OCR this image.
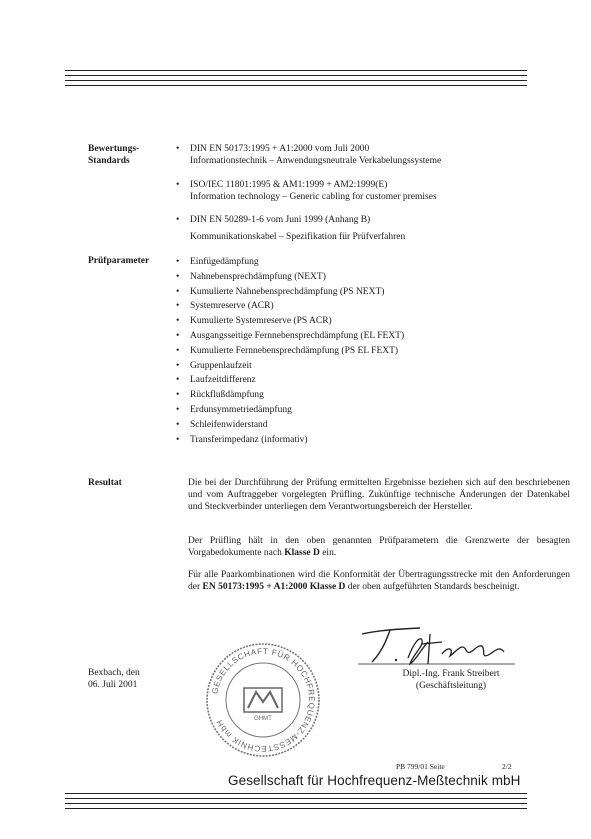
Bewertungs-
Standards
• DIN EN 50173:1995 + A1:2000 vom Juli 2000
Informationstechnik – Anwendungsneutrale Verkabelungssysteme
• ISO/IEC 11801:1995 & AM1:1999 + AM2:1999(E)
Information technology – Generic cabling for customer premises
• DIN EN 50289-1-6 vom Juni 1999 (Anhang B)
Kommunikationskabel – Spezifikation für Prüfverfahren
Prüfparameter	• Einfügedämpfung
• Nahnebensprechdämpfung (NEXT)
• Kumulierte Nahnebensprechdämpfung (PS NEXT)
• Systemreserve (ACR)
• Kumulierte Systemreserve (PS ACR)
• Ausgangsseitige Fernnebensprechdämpfung (EL FEXT)
• Kumulierte Fernnebensprechdämpfung (PS EL FEXT)
• Gruppenlaufzeit
• Laufzeitdifferenz
• Rückflußdämpfung
• Erdunsymmetriedämpfung
• Schleifenwiderstand
• Transferimpedanz (informativ)
Resultat	Die bei der Durchführung der Prüfung ermittelten Ergebnisse beziehen sich auf den beschriebenen und vom Auftraggeber vorgelegten Prüfling. Zukünftige technische Änderungen der Datenkabel und Steckverbinder unterliegen dem Verantwortungsbereich der Hersteller.
Der Prüfling hält in den oben genannten Prüfparametern die Grenzwerte der besagten Vorgabedokumente nach Klasse D ein.
Für alle Paarkombinationen wird die Konformität der Übertragungsstrecke mit den Anforderungen der EN 50173:1995 + A1:2000 Klasse D der oben aufgeführten Standards bescheinigt.
Bexbach, den
06. Juli 2001
GESELLSCHAFT FÜR HOCHFREQUENZ-MESSTECHNIK mbH	GHMT
Dipl.-Ing. Frank Streibert
(Geschäftsleitung)
PB 799/01 Seite	2/2
Gesellschaft für Hochfrequenz-Meßtechnik mbH
